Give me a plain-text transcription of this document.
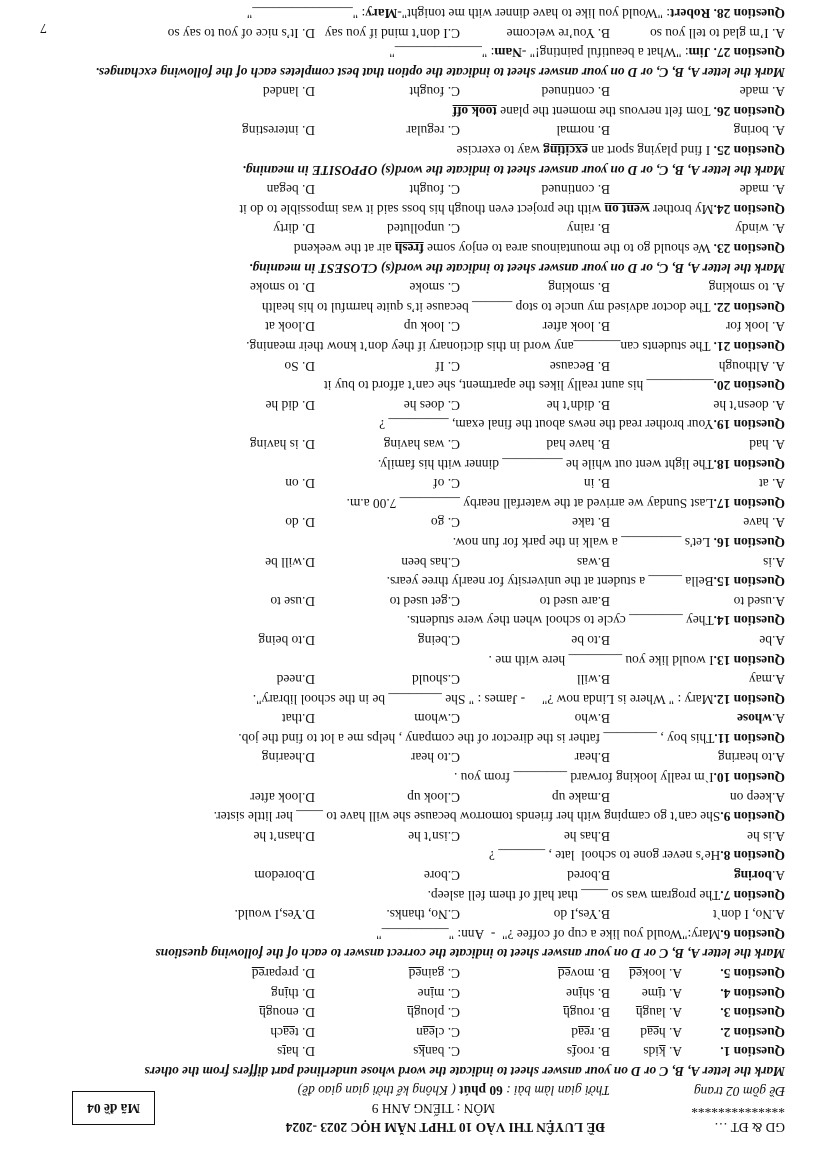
GD & ĐT …
ĐỀ LUYỆN THI VÀO 10 THPT NĂM HỌC 2023 -2024
**************
Đề gồm 02 trang
MÔN : TIẾNG ANH 9
Thời gian làm bài : 60 phút ( Không kể thời gian giao đề)
Mã đề 04
Mark the letter A, B, C or D on your answer sheet to indicate the word whose underlined part differs from the others
Question 1.
A. kids
B. roofs
C. banks
D. hats
Question 2.
A. head
B. read
C. clean
D. teach
Question 3.
A. laugh
B. rough
C. plough
D. enough
Question 4.
A. time
B. shine
C. mine
D. thing
Question 5.
A. looked
B. moved
C. gained
D. prepared
Mark the letter A, B, C or D on your answer sheet to indicate the correct answer to each of the following questions
Question 6.Mary:"Would you like a cup of coffee ?"  -  Ann: "__________"
A.No, I don`t
B.Yes,I do
C.No, thanks.
D.Yes,I would.
Question 7.The program was so ____ that half of them fell asleep.
A.boring
B.bored
C.bore
D.boredom
Question 8.He’s never gone to school  late , _______ ?
A.is he
B.has he
C.isn’t he
D.hasn’t he
Question 9.She can’t go camping with her friends tomorrow because she will have to ____ her little sister.
A.keep on
B.make up
C.look up
D.look after
Question 10.I`m really looking forward ________ from you .
A.to hearing
B.hear
C.to hear
D.hearing
Question 11.This boy , ________ father is the director of the company , helps me a lot to find the job.
A.whose
B.who
C.whom
D.that
Question 12.Mary : " Where is Linda now ?"     - James : " She ________ be in the school library".
A.may
B.will
C.should
D.need
Question 13.I would like you ________ here with me .
A.be
B.to be
C.being
D.to being
Question 14.They ________ cycle to school when they were students.
A.used to
B.are used to
C.get used to
D.use to
Question 15.Bella _____ a student at the university for nearly three years.
A.is
B.was
C.has been
D.will be
Question 16. Let's _________ a walk in the park for fun now.
A. have
B. take
C. go
D. do
Question 17.Last Sunday we arrived at the waterfall nearby _________ 7.00 a.m.
A. at
B. in
C. of
D. on
Question 18.The light went out while he _________ dinner with his family.
A. had
B. have had
C. was having
D. is having
Question 19.Your brother read the news about the final exam, _________ ?
A. doesn’t he
B. didn’t he
C. does he
D. did he
Question 20.__________ his aunt really likes the apartment, she can’t afford to buy it
A. Although
B. Because
C. If
D. So
Question 21. The students can_______any word in this dictionary if they don’t know their meaning.
A. look for
B. look after
C. look up
D.look at
Question 22. The doctor advised my uncle to stop ______ because it’s quite harmful to his health
A. to smoking
B. smoking
C. smoke
D. to smoke
Mark the letter A, B, C, or D on your answer sheet to indicate the word(s) CLOSEST in meaning.
Question 23. We should go to the mountainous area to enjoy some fresh air at the weekend
A. windy
B. rainy
C. unpolluted
D. dirty
Question 24.My brother went on with the project even though his boss said it was impossible to do it
A. made
B. continued
C. fought
D. began
Mark the letter A, B, C, or D on your answer sheet to indicate the word(s) OPPOSITE in meaning.
Question 25. I find playing sport an exciting way to exercise
A. boring
B. normal
C. regular
D. interesting
Question 26. Tom felt nervous the moment the plane took off
A. made
B. continued
C. fought
D. landed
Mark the letter A, B, C, or D on your answer sheet to indicate the option that best completes each of the following exchanges.
Question 27. Jim: "What a beautiful painting!" -Nam: "_____________"
A. I’m glad to tell you so
B. You’re welcome
C.I don’t mind if you say
D. It’s nice of you to say so
Question 28. Robert: "Would you like to have dinner with me tonight"-Mary: "_______________"
7
